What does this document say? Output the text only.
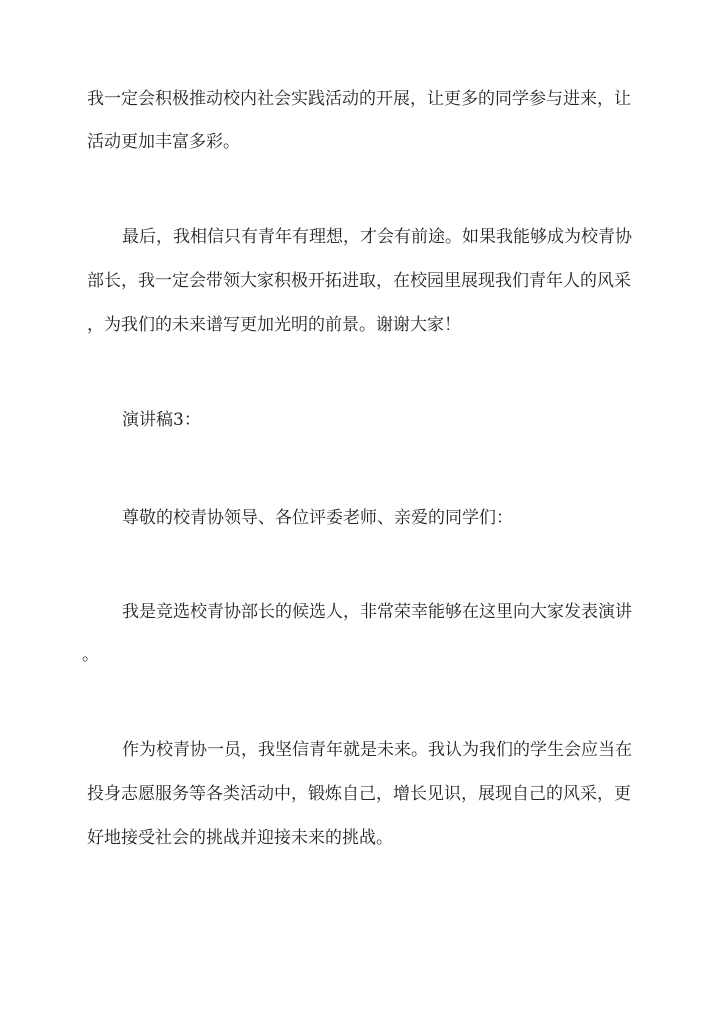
我一定会积极推动校内社会实践活动的开展，让更多的同学参与进来，让
活动更加丰富多彩。
最后，我相信只有青年有理想，才会有前途。如果我能够成为校青协
部长，我一定会带领大家积极开拓进取，在校园里展现我们青年人的风采
，为我们的未来谱写更加光明的前景。谢谢大家！
演讲稿3：
尊敬的校青协领导、各位评委老师、亲爱的同学们：
我是竞选校青协部长的候选人，非常荣幸能够在这里向大家发表演讲
。
作为校青协一员，我坚信青年就是未来。我认为我们的学生会应当在
投身志愿服务等各类活动中，锻炼自己，增长见识，展现自己的风采，更
好地接受社会的挑战并迎接未来的挑战。
